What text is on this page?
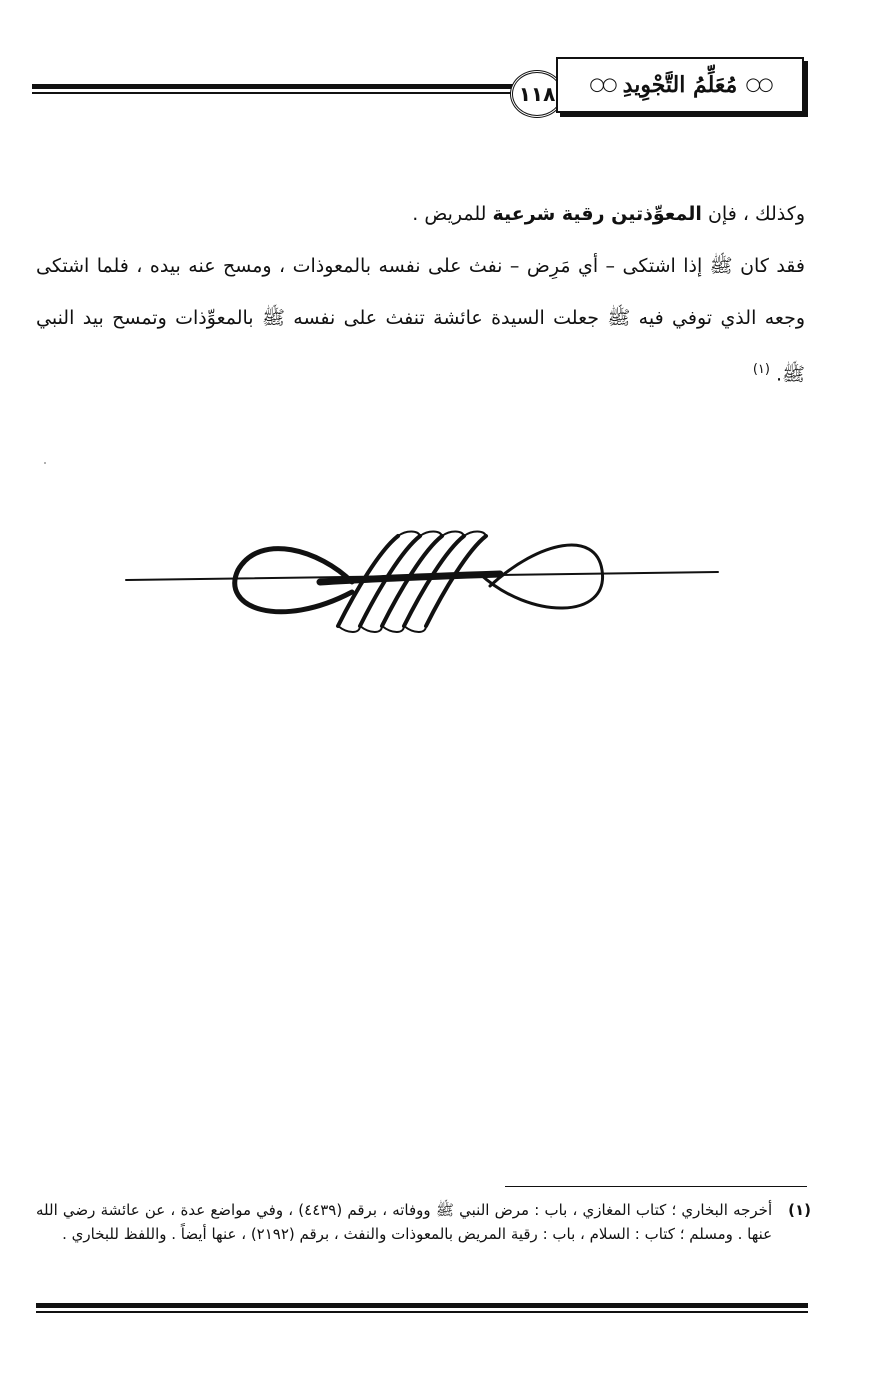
١١٨	○○
مُعَلِّمُ التَّجْوِيدِ
○○

وكذلك ، فإن المعوِّذتين رقية شرعية للمريض .

فقد كان ﷺ إذا اشتكى – أي مَرِض – نفث على نفسه بالمعوذات ، ومسح عنه بيده ، فلما اشتكى وجعه الذي توفي فيه ﷺ جعلت السيدة عائشة تنفث على نفسه ﷺ بالمعوِّذات وتمسح بيد النبي ﷺ. $^{(١)}$

(١)
أخرجه البخاري ؛ كتاب المغازي ، باب : مرض النبي ﷺ ووفاته ، برقم (٤٤٣٩) ، وفي مواضع عدة ، عن عائشة رضي الله عنها . ومسلم ؛ كتاب : السلام ، باب : رقية المريض بالمعوذات والنفث ، برقم (٢١٩٢) ، عنها أيضاً . واللفظ للبخاري .
